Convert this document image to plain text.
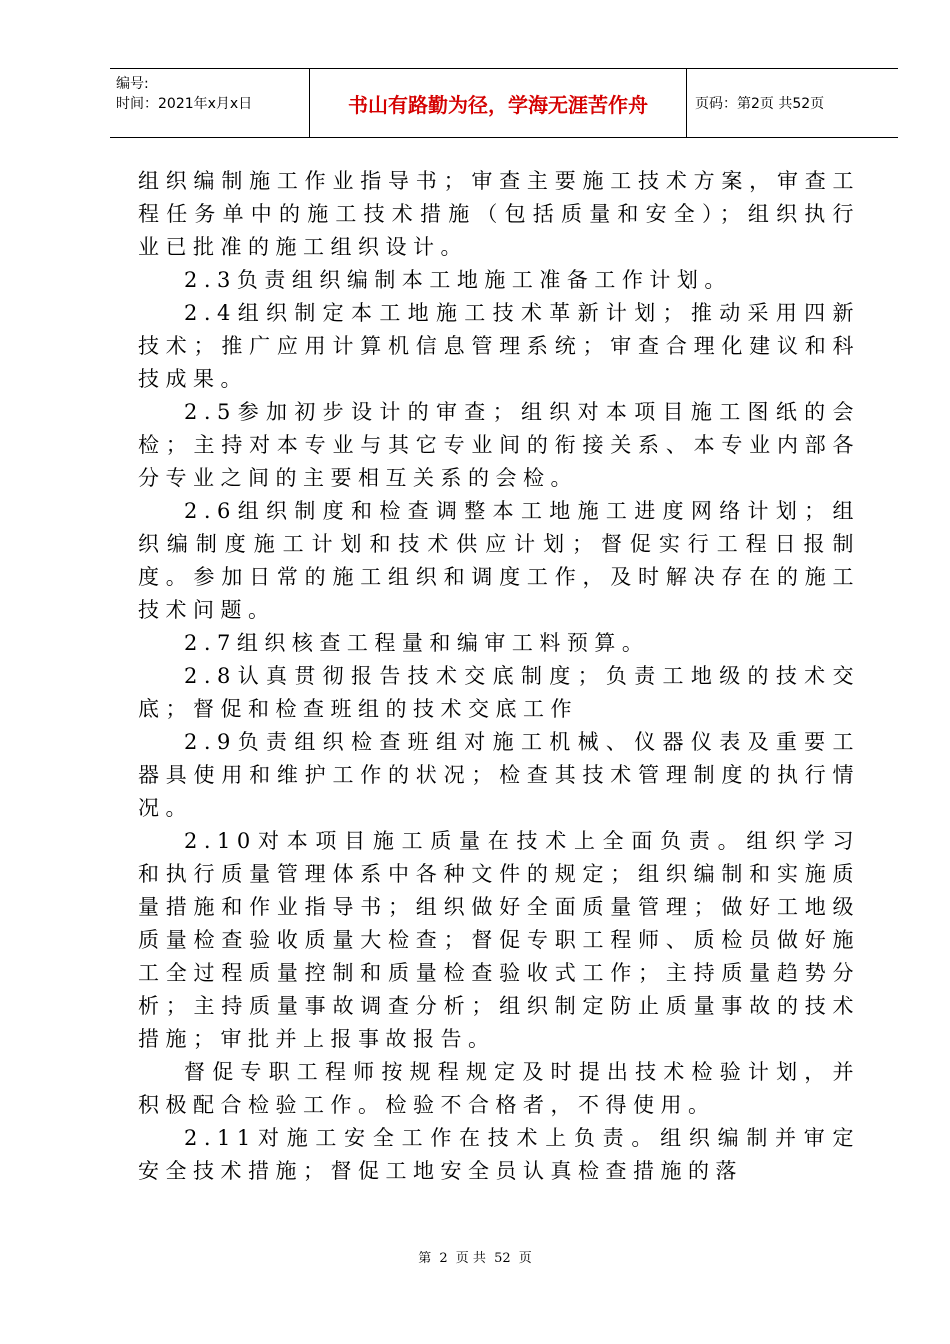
编号:
时间：2021年x月x日	书山有路勤为径，学海无涯苦作舟	页码：第2页 共52页

组织编制施工作业指导书；审查主要施工技术方案，审查工程任务单中的施工技术措施（包括质量和安全）；组织执行业已批准的施工组织设计。

2.3负责组织编制本工地施工准备工作计划。

2.4组织制定本工地施工技术革新计划；推动采用四新技术；推广应用计算机信息管理系统；审查合理化建议和科技成果。

2.5参加初步设计的审查；组织对本项目施工图纸的会检；主持对本专业与其它专业间的衔接关系、本专业内部各分专业之间的主要相互关系的会检。

2.6组织制度和检查调整本工地施工进度网络计划；组织编制度施工计划和技术供应计划；督促实行工程日报制度。参加日常的施工组织和调度工作，及时解决存在的施工技术问题。

2.7组织核查工程量和编审工料预算。

2.8认真贯彻报告技术交底制度；负责工地级的技术交底；督促和检查班组的技术交底工作

2.9负责组织检查班组对施工机械、仪器仪表及重要工器具使用和维护工作的状况；检查其技术管理制度的执行情况。

2.10对本项目施工质量在技术上全面负责。组织学习和执行质量管理体系中各种文件的规定；组织编制和实施质量措施和作业指导书；组织做好全面质量管理；做好工地级质量检查验收质量大检查；督促专职工程师、质检员做好施工全过程质量控制和质量检查验收式工作；主持质量趋势分析；主持质量事故调查分析；组织制定防止质量事故的技术措施；审批并上报事故报告。

督促专职工程师按规程规定及时提出技术检验计划，并积极配合检验工作。检验不合格者，不得使用。

2.11对施工安全工作在技术上负责。组织编制并审定安全技术措施；督促工地安全员认真检查措施的落

第 2 页 共 52 页
